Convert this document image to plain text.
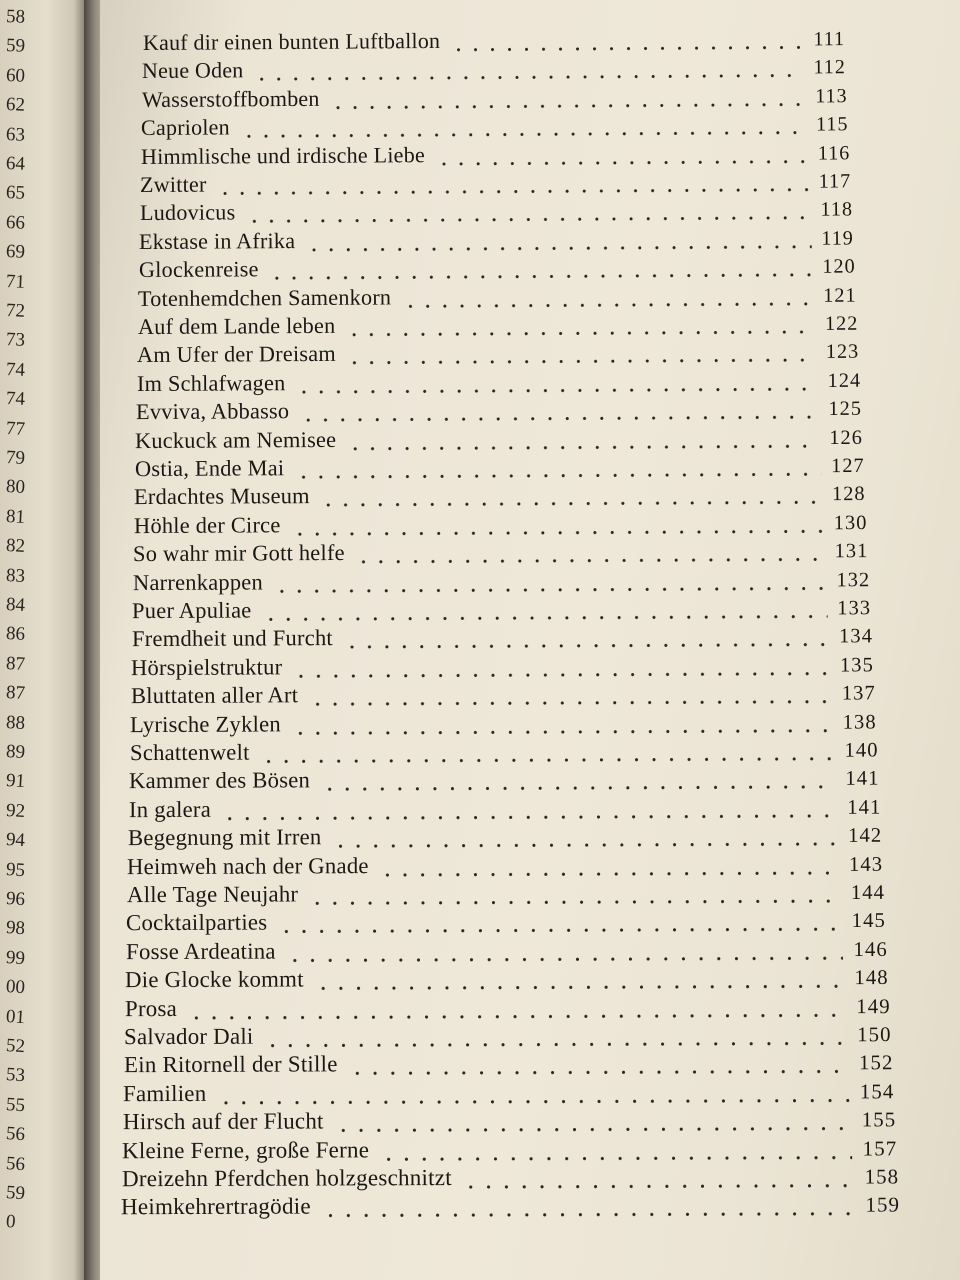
58
59
60
62
63
64
65
66
69
71
72
73
74
74
77
79
80
81
82
83
84
86
87
87
88
89
91
92
94
95
96
98
99
00
01
52
53
55
56
56
59
0
Kauf dir einen bunten Luftballon	111
Neue Oden	112
Wasserstoffbomben	113
Capriolen	115
Himmlische und irdische Liebe	116
Zwitter	117
Ludovicus	118
Ekstase in Afrika	119
Glockenreise	120
Totenhemdchen Samenkorn	121
Auf dem Lande leben	122
Am Ufer der Dreisam	123
Im Schlafwagen	124
Evviva, Abbasso	125
Kuckuck am Nemisee	126
Ostia, Ende Mai	127
Erdachtes Museum	128
Höhle der Circe	130
So wahr mir Gott helfe	131
Narrenkappen	132
Puer Apuliae	133
Fremdheit und Furcht	134
Hörspielstruktur	135
Bluttaten aller Art	137
Lyrische Zyklen	138
Schattenwelt	140
Kammer des Bösen	141
In galera	141
Begegnung mit Irren	142
Heimweh nach der Gnade	143
Alle Tage Neujahr	144
Cocktailparties	145
Fosse Ardeatina	146
Die Glocke kommt	148
Prosa	149
Salvador Dali	150
Ein Ritornell der Stille	152
Familien	154
Hirsch auf der Flucht	155
Kleine Ferne, große Ferne	157
Dreizehn Pferdchen holzgeschnitzt	158
Heimkehrertragödie	159
